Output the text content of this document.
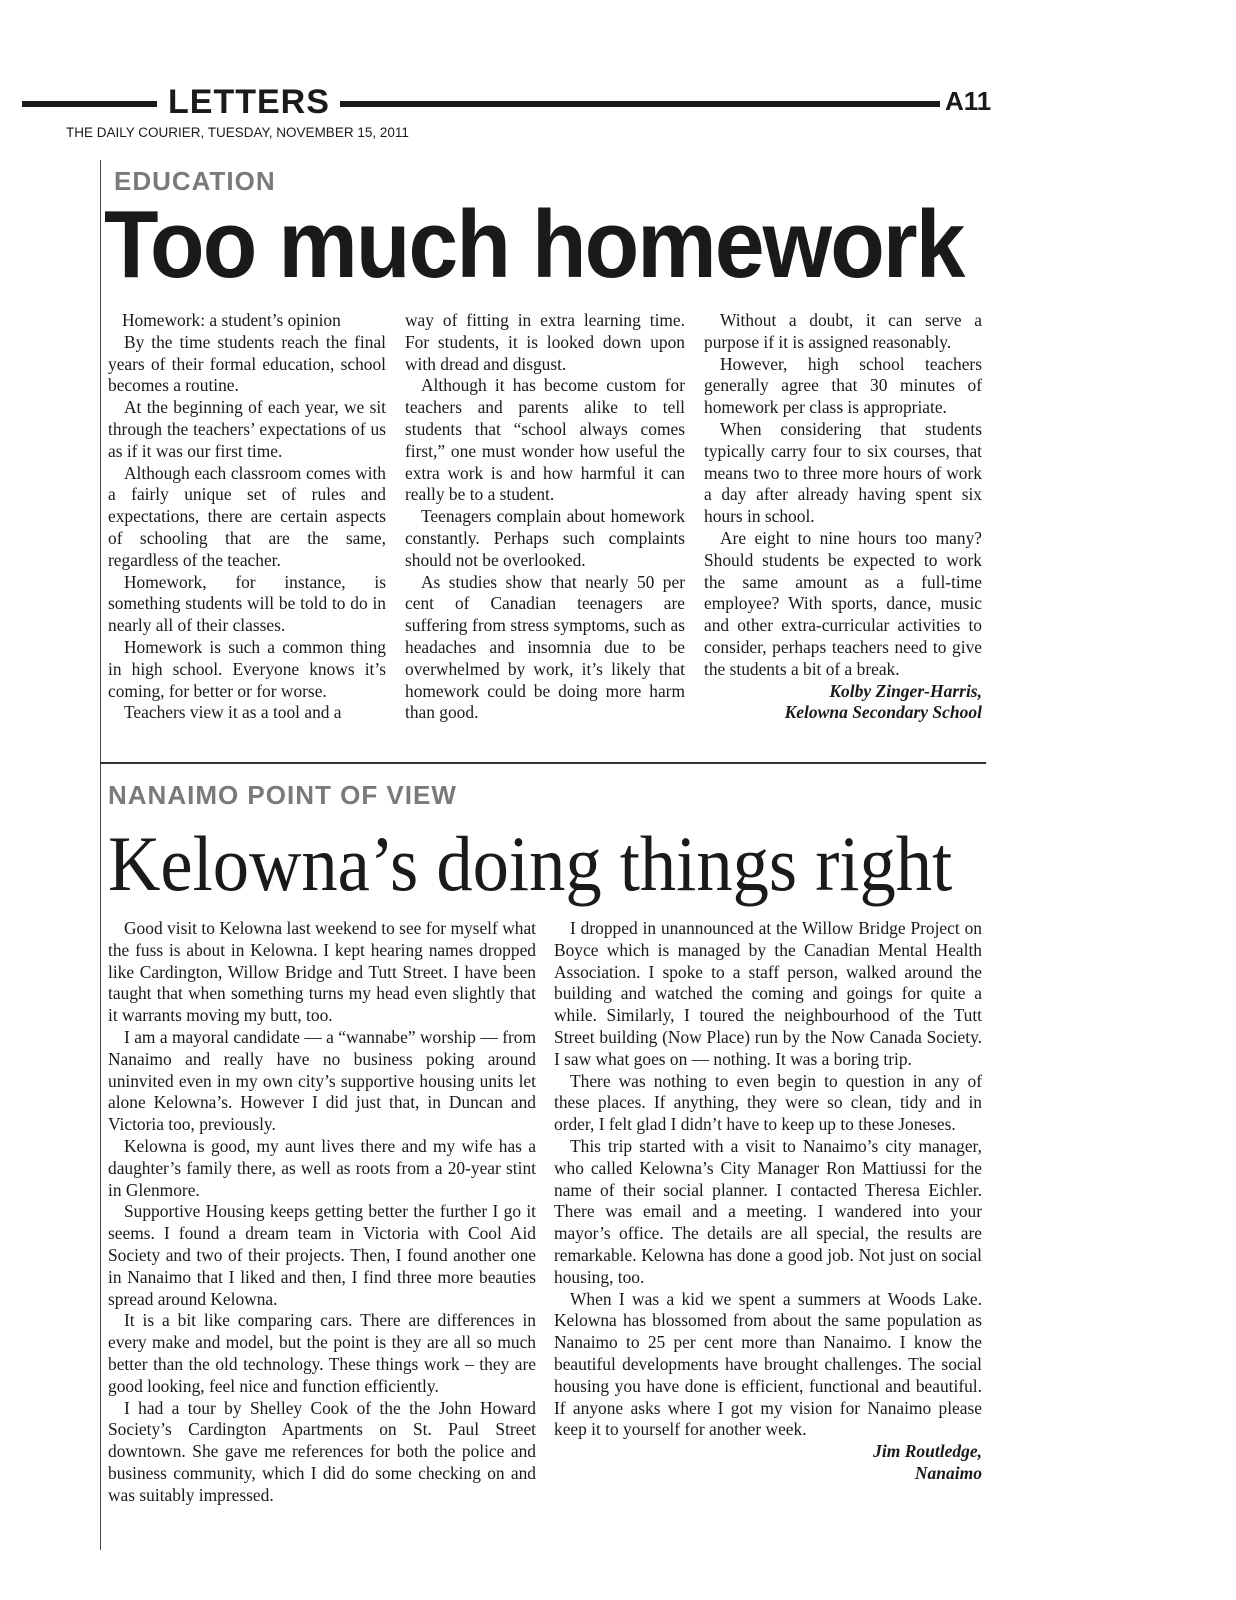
LETTERS	A11
THE DAILY COURIER, TUESDAY, NOVEMBER 15, 2011
EDUCATION
Too much homework

Homework: a student’s opinion

By the time students reach the final years of their formal education, school becomes a routine.

At the beginning of each year, we sit through the teachers’ expectations of us as if it was our first time.

Although each classroom comes with a fairly unique set of rules and expectations, there are certain aspects of schooling that are the same, regardless of the teacher.

Homework, for instance, is something students will be told to do in nearly all of their classes.

Homework is such a common thing in high school. Everyone knows it’s coming, for better or for worse.

Teachers view it as a tool and a

way of fitting in extra learning time. For students, it is looked down upon with dread and disgust.

Although it has become custom for teachers and parents alike to tell students that “school always comes first,” one must wonder how useful the extra work is and how harmful it can really be to a student.

Teenagers complain about homework constantly. Perhaps such complaints should not be overlooked.

As studies show that nearly 50 per cent of Canadian teenagers are suffering from stress symptoms, such as headaches and insomnia due to be overwhelmed by work, it’s likely that homework could be doing more harm than good.

Without a doubt, it can serve a purpose if it is assigned reasonably.

However, high school teachers generally agree that 30 minutes of homework per class is appropriate.

When considering that students typically carry four to six courses, that means two to three more hours of work a day after already having spent six hours in school.

Are eight to nine hours too many? Should students be expected to work the same amount as a full-time employee? With sports, dance, music and other extra-curricular activities to consider, perhaps teachers need to give the students a bit of a break.

Kolby Zinger-Harris,
Kelowna Secondary School
NANAIMO POINT OF VIEW
Kelowna’s doing things right

Good visit to Kelowna last weekend to see for myself what the fuss is about in Kelowna. I kept hearing names dropped like Cardington, Willow Bridge and Tutt Street. I have been taught that when something turns my head even slightly that it warrants moving my butt, too.

I am a mayoral candidate — a “wannabe” worship — from Nanaimo and really have no business poking around uninvited even in my own city’s supportive housing units let alone Kelowna’s. However I did just that, in Duncan and Victoria too, previously.

Kelowna is good, my aunt lives there and my wife has a daughter’s family there, as well as roots from a 20-year stint in Glenmore.

Supportive Housing keeps getting better the further I go it seems. I found a dream team in Victoria with Cool Aid Society and two of their projects. Then, I found another one in Nanaimo that I liked and then, I find three more beauties spread around Kelowna.

It is a bit like comparing cars. There are differences in every make and model, but the point is they are all so much better than the old technology. These things work – they are good looking, feel nice and function efficiently.

I had a tour by Shelley Cook of the the John Howard Society’s Cardington Apartments on St. Paul Street downtown. She gave me references for both the police and business community, which I did do some checking on and was suitably impressed.

I dropped in unannounced at the Willow Bridge Project on Boyce which is managed by the Canadian Mental Health Association. I spoke to a staff person, walked around the building and watched the coming and goings for quite a while. Similarly, I toured the neighbourhood of the Tutt Street building (Now Place) run by the Now Canada Society. I saw what goes on — nothing. It was a boring trip.

There was nothing to even begin to question in any of these places. If anything, they were so clean, tidy and in order, I felt glad I didn’t have to keep up to these Joneses.

This trip started with a visit to Nanaimo’s city manager, who called Kelowna’s City Manager Ron Mattiussi for the name of their social planner. I contacted Theresa Eichler. There was email and a meeting. I wandered into your mayor’s office. The details are all special, the results are remarkable. Kelowna has done a good job. Not just on social housing, too.

When I was a kid we spent a summers at Woods Lake. Kelowna has blossomed from about the same population as Nanaimo to 25 per cent more than Nanaimo. I know the beautiful developments have brought challenges. The social housing you have done is efficient, functional and beautiful. If anyone asks where I got my vision for Nanaimo please keep it to yourself for another week.

Jim Routledge,
Nanaimo
